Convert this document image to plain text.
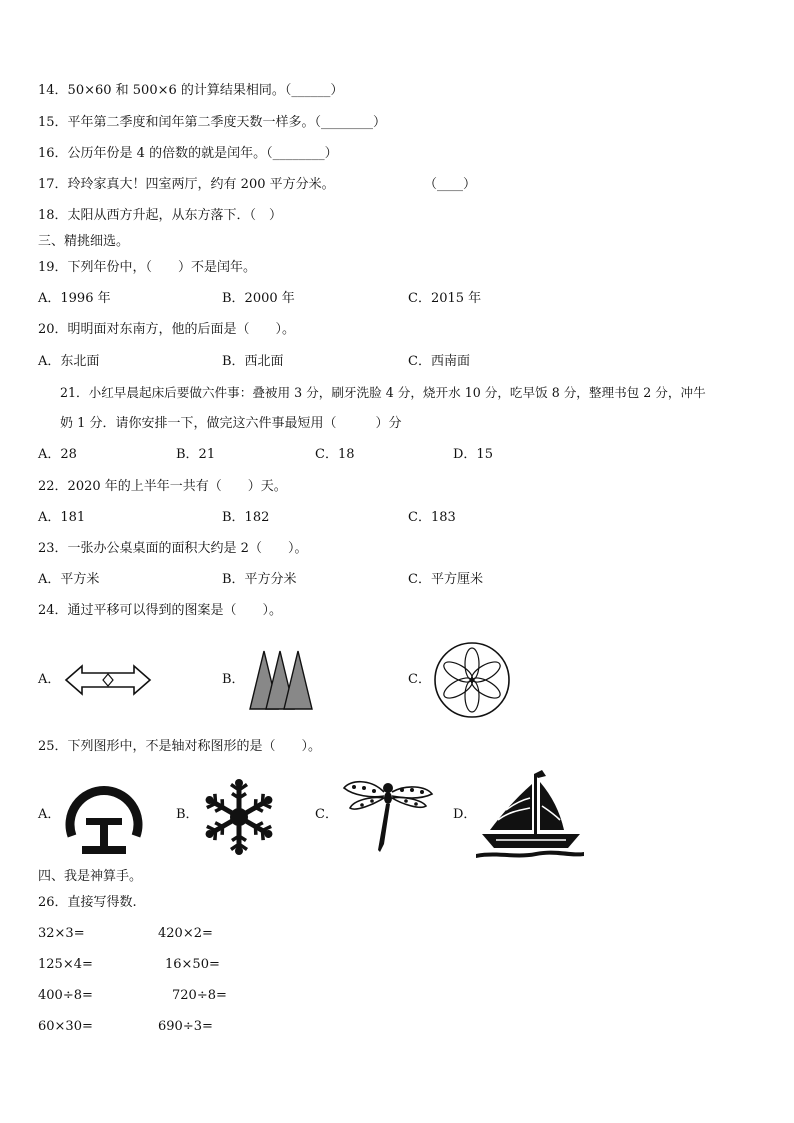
14．50×60 和 500×6 的计算结果相同。（______）
15．平年第二季度和闰年第二季度天数一样多。（________）
16．公历年份是 4 的倍数的就是闰年。（________）
17．玲玲家真大！四室两厅，约有 200 平方分米。	（____）
18．太阳从西方升起，从东方落下．（　）
三、精挑细选。
19．下列年份中，（　　）不是闰年。
A．1996 年	B．2000 年	C．2015 年
20．明明面对东南方，他的后面是（　　）。
A．东北面	B．西北面	C．西南面
21．小红早晨起床后要做六件事：叠被用 3 分，刷牙洗脸 4 分，烧开水 10 分，吃早饭 8 分，整理书包 2 分，冲牛
奶 1 分．请你安排一下，做完这六件事最短用（　　　）分
A．28	B．21	C．18	D．15
22．2020 年的上半年一共有（　　）天。
A．181	B．182	C．183
23．一张办公桌桌面的面积大约是 2（　　）。
A．平方米	B．平方分米	C．平方厘米
24．通过平移可以得到的图案是（　　）。
A．	B．	C．
25．下列图形中，不是轴对称图形的是（　　）。
A．	B．	C．	D．
四、我是神算手。
26．直接写得数.
32×3=	420×2=
125×4=	16×50=
400÷8=	720÷8=
60×30=	690÷3=
